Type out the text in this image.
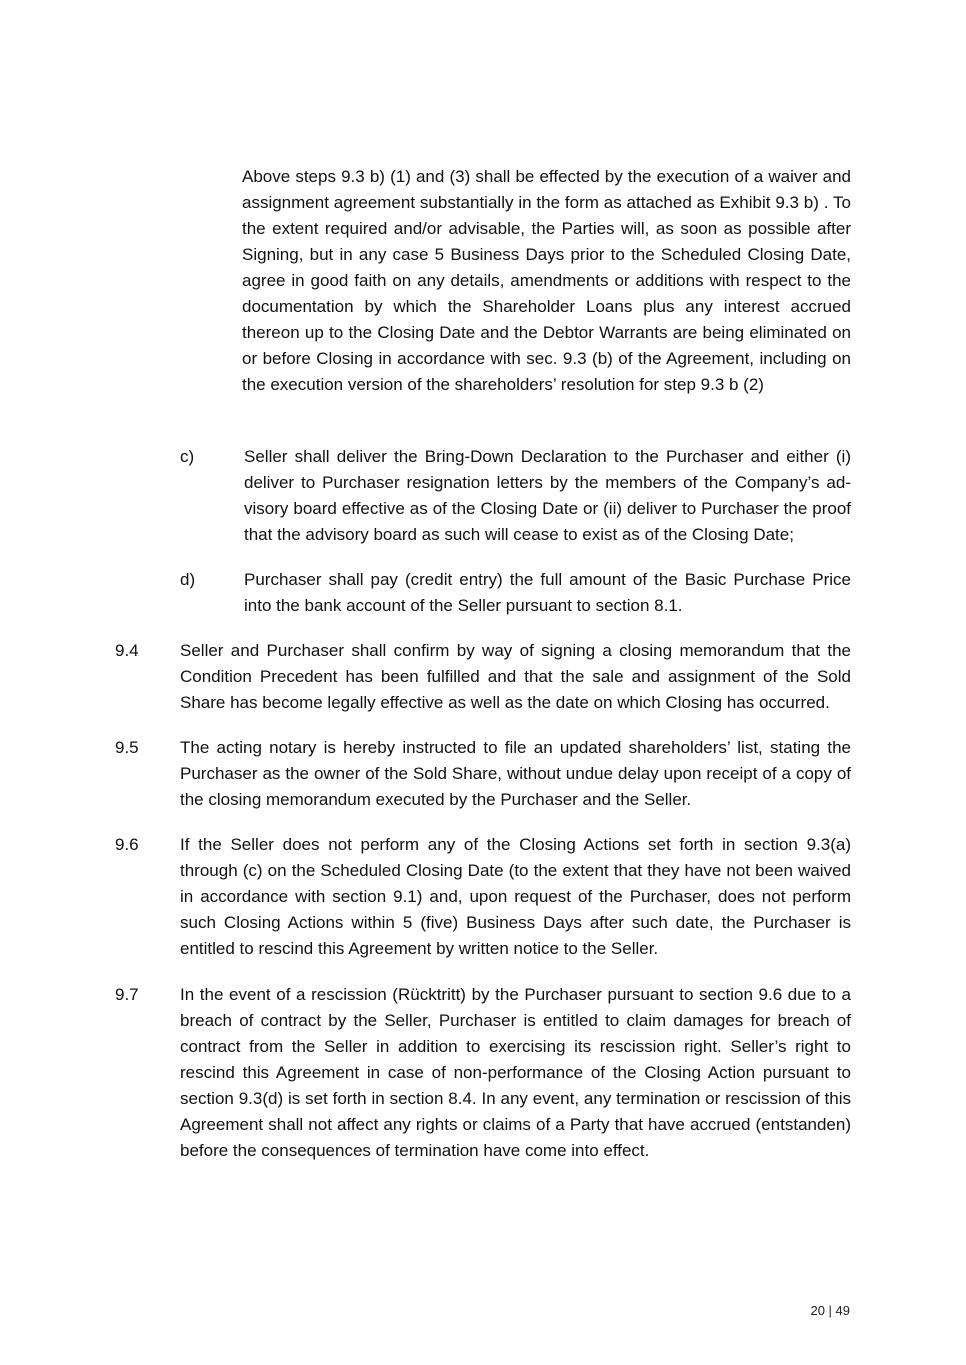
Above steps 9.3 b) (1) and (3) shall be effected by the execution of a waiver and assignment agreement substantially in the form as attached as Exhibit 9.3 b) . To the extent required and/or advisable, the Parties will, as soon as possible after Signing, but in any case 5 Business Days prior to the Scheduled Closing Date, agree in good faith on any details, amendments or additions with respect to the documentation by which the Shareholder Loans plus any interest accrued thereon up to the Closing Date and the Debtor Warrants are being eliminated on or before Closing in accordance with sec. 9.3 (b) of the Agreement, including on the execution version of the shareholders’ resolution for step 9.3 b (2)

c)	Seller shall deliver the Bring-Down Declaration to the Purchaser and either (i) deliver to Purchaser resignation letters by the members of the Company’s advisory board effective as of the Closing Date or (ii) deliver to Purchaser the proof that the advisory board as such will cease to exist as of the Closing Date;

d)	Purchaser shall pay (credit entry) the full amount of the Basic Purchase Price into the bank account of the Seller pursuant to section 8.1.

9.4 Seller and Purchaser shall confirm by way of signing a closing memorandum that the Condition Precedent has been fulfilled and that the sale and assignment of the Sold Share has become legally effective as well as the date on which Closing has occurred.

9.5 The acting notary is hereby instructed to file an updated shareholders’ list, stating the Purchaser as the owner of the Sold Share, without undue delay upon receipt of a copy of the closing memorandum executed by the Purchaser and the Seller.

9.6 If the Seller does not perform any of the Closing Actions set forth in section 9.3(a) through (c) on the Scheduled Closing Date (to the extent that they have not been waived in accordance with section 9.1) and, upon request of the Purchaser, does not perform such Closing Actions within 5 (five) Business Days after such date, the Purchaser is entitled to rescind this Agreement by written notice to the Seller.

9.7 In the event of a rescission (Rücktritt) by the Purchaser pursuant to section 9.6 due to a breach of contract by the Seller, Purchaser is entitled to claim damages for breach of contract from the Seller in addition to exercising its rescission right. Seller’s right to rescind this Agreement in case of non-performance of the Closing Action pursuant to section 9.3(d) is set forth in section 8.4. In any event, any termination or rescission of this Agreement shall not affect any rights or claims of a Party that have accrued (entstanden) before the consequences of termination have come into effect.

20 | 49
